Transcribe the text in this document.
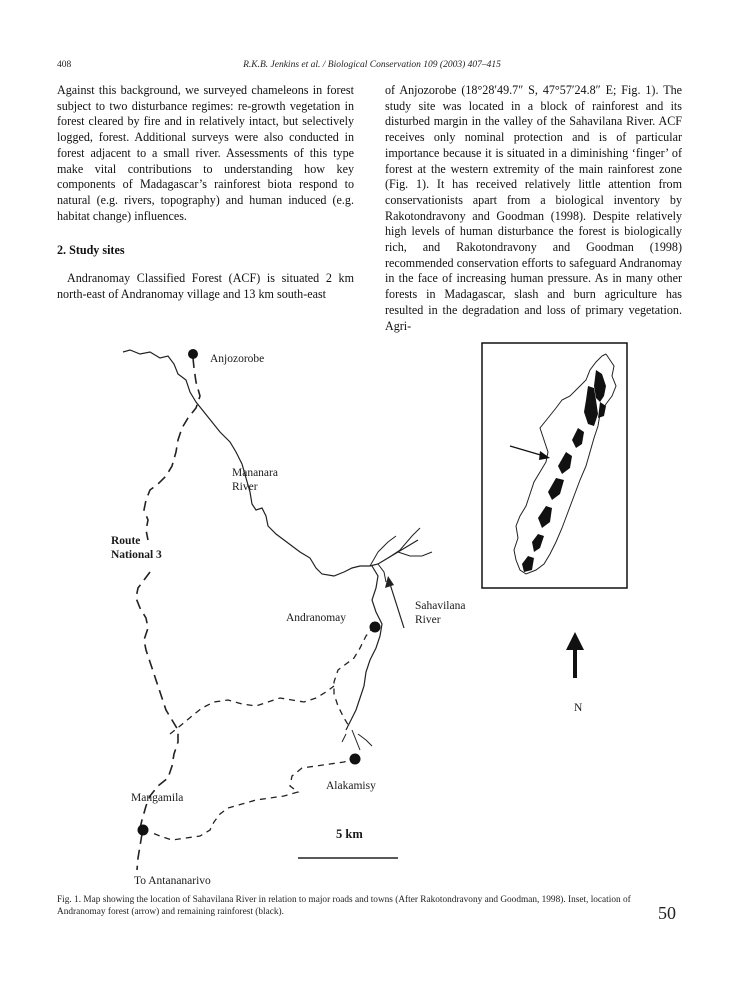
408	R.K.B. Jenkins et al. / Biological Conservation 109 (2003) 407–415

Against this background, we surveyed chameleons in forest subject to two disturbance regimes: re-growth vegetation in forest cleared by fire and in relatively intact, but selectively logged, forest. Additional surveys were also conducted in forest adjacent to a small river. Assessments of this type make vital contributions to understanding how key components of Madagascar’s rainforest biota respond to natural (e.g. rivers, topography) and human induced (e.g. habitat change) influences.

2. Study sites

Andranomay Classified Forest (ACF) is situated 2 km north-east of Andranomay village and 13 km south-east

of Anjozorobe (18°28′49.7″ S, 47°57′24.8″ E; Fig. 1). The study site was located in a block of rainforest and its disturbed margin in the valley of the Sahavilana River. ACF receives only nominal protection and is of particular importance because it is situated in a diminishing ‘finger’ of forest at the western extremity of the main rainforest zone (Fig. 1). It has received relatively little attention from conservationists apart from a biological inventory by Rakotondravony and Goodman (1998). Despite relatively high levels of human disturbance the forest is biologically rich, and Rakotondravony and Goodman (1998) recommended conservation efforts to safeguard Andranomay in the face of increasing human pressure. As in many other forests in Madagascar, slash and burn agriculture has resulted in the degradation and loss of primary vegetation. Agri-

Anjozorobe
Mananara
River
Route
National 3
Andranomay
Sahavilana
River
Alakamisy
Mangamila
5 km
To Antananarivo
N
Fig. 1. Map showing the location of Sahavilana River in relation to major roads and towns (After Rakotondravony and Goodman, 1998). Inset, location of Andranomay forest (arrow) and remaining rainforest (black).	50
